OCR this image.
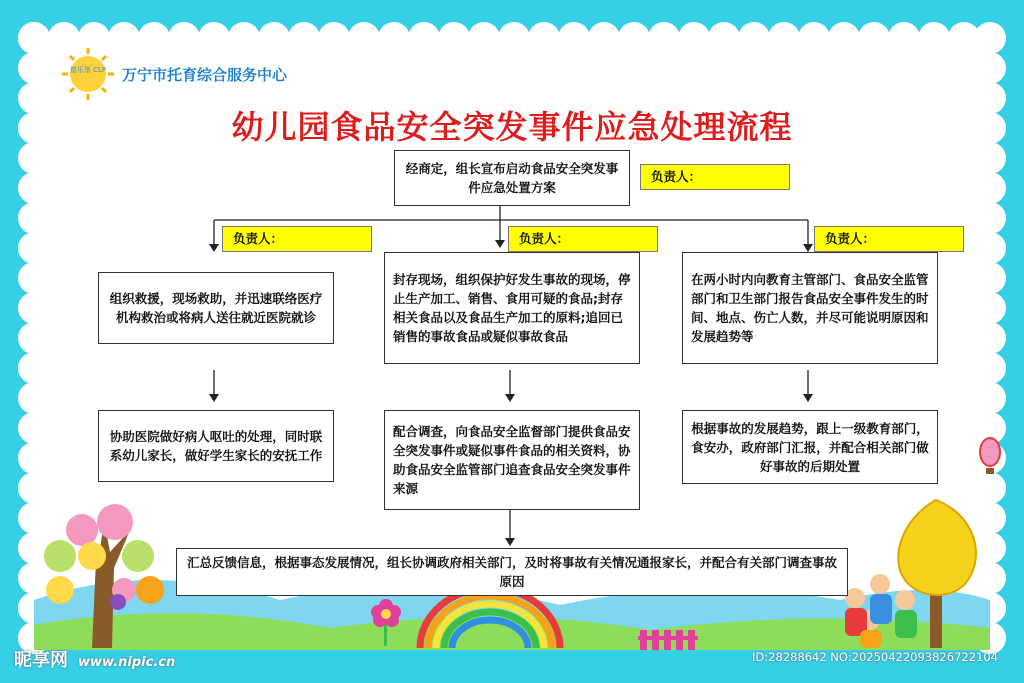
德乐堡 CLP 万宁市托育综合服务中心
幼儿园食品安全突发事件应急处理流程
经商定，组长宣布启动食品安全突发事件应急处置方案
负责人：
负责人：	负责人：	负责人：
组织救援，现场救助，并迅速联络医疗机构救治或将病人送往就近医院就诊
协助医院做好病人呕吐的处理，同时联系幼儿家长，做好学生家长的安抚工作
封存现场，组织保护好发生事故的现场，停止生产加工、销售、食用可疑的食品;封存相关食品以及食品生产加工的原料;追回已销售的事故食品或疑似事故食品
配合调查，向食品安全监督部门提供食品安全突发事件或疑似事件食品的相关资料，协助食品安全监管部门追查食品安全突发事件来源
在两小时内向教育主管部门、食品安全监管部门和卫生部门报告食品安全事件发生的时间、地点、伤亡人数，并尽可能说明原因和发展趋势等
根据事故的发展趋势，跟上一级教育部门，食安办，政府部门汇报，并配合相关部门做好事故的后期处置
汇总反馈信息，根据事态发展情况，组长协调政府相关部门，及时将事故有关情况通报家长，并配合有关部门调查事故原因
昵享网 www.nipic.cn	ID:28288642 NO:20250422093826722104
